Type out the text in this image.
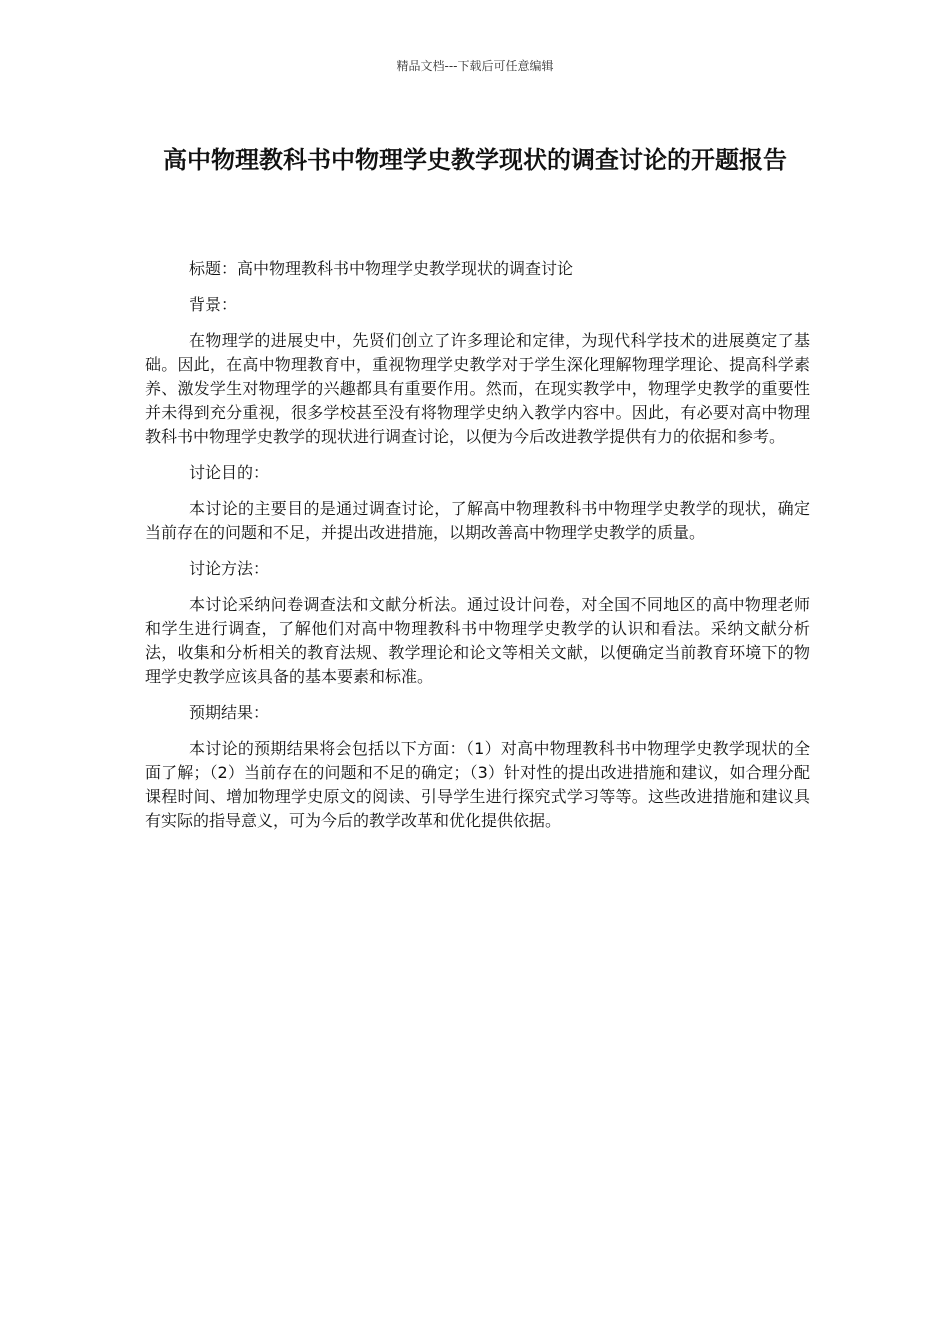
精品文档---下载后可任意编辑
高中物理教科书中物理学史教学现状的调查讨论的开题报告

标题：高中物理教科书中物理学史教学现状的调查讨论

背景：

在物理学的进展史中，先贤们创立了许多理论和定律，为现代科学技术的进展奠定了基础。因此，在高中物理教育中，重视物理学史教学对于学生深化理解物理学理论、提高科学素养、激发学生对物理学的兴趣都具有重要作用。然而，在现实教学中，物理学史教学的重要性并未得到充分重视，很多学校甚至没有将物理学史纳入教学内容中。因此，有必要对高中物理教科书中物理学史教学的现状进行调查讨论，以便为今后改进教学提供有力的依据和参考。

讨论目的：

本讨论的主要目的是通过调查讨论，了解高中物理教科书中物理学史教学的现状，确定当前存在的问题和不足，并提出改进措施，以期改善高中物理学史教学的质量。

讨论方法：

本讨论采纳问卷调查法和文献分析法。通过设计问卷，对全国不同地区的高中物理老师和学生进行调查，了解他们对高中物理教科书中物理学史教学的认识和看法。采纳文献分析法，收集和分析相关的教育法规、教学理论和论文等相关文献，以便确定当前教育环境下的物理学史教学应该具备的基本要素和标准。

预期结果：

本讨论的预期结果将会包括以下方面：（1）对高中物理教科书中物理学史教学现状的全面了解；（2）当前存在的问题和不足的确定；（3）针对性的提出改进措施和建议，如合理分配课程时间、增加物理学史原文的阅读、引导学生进行探究式学习等等。这些改进措施和建议具有实际的指导意义，可为今后的教学改革和优化提供依据。
